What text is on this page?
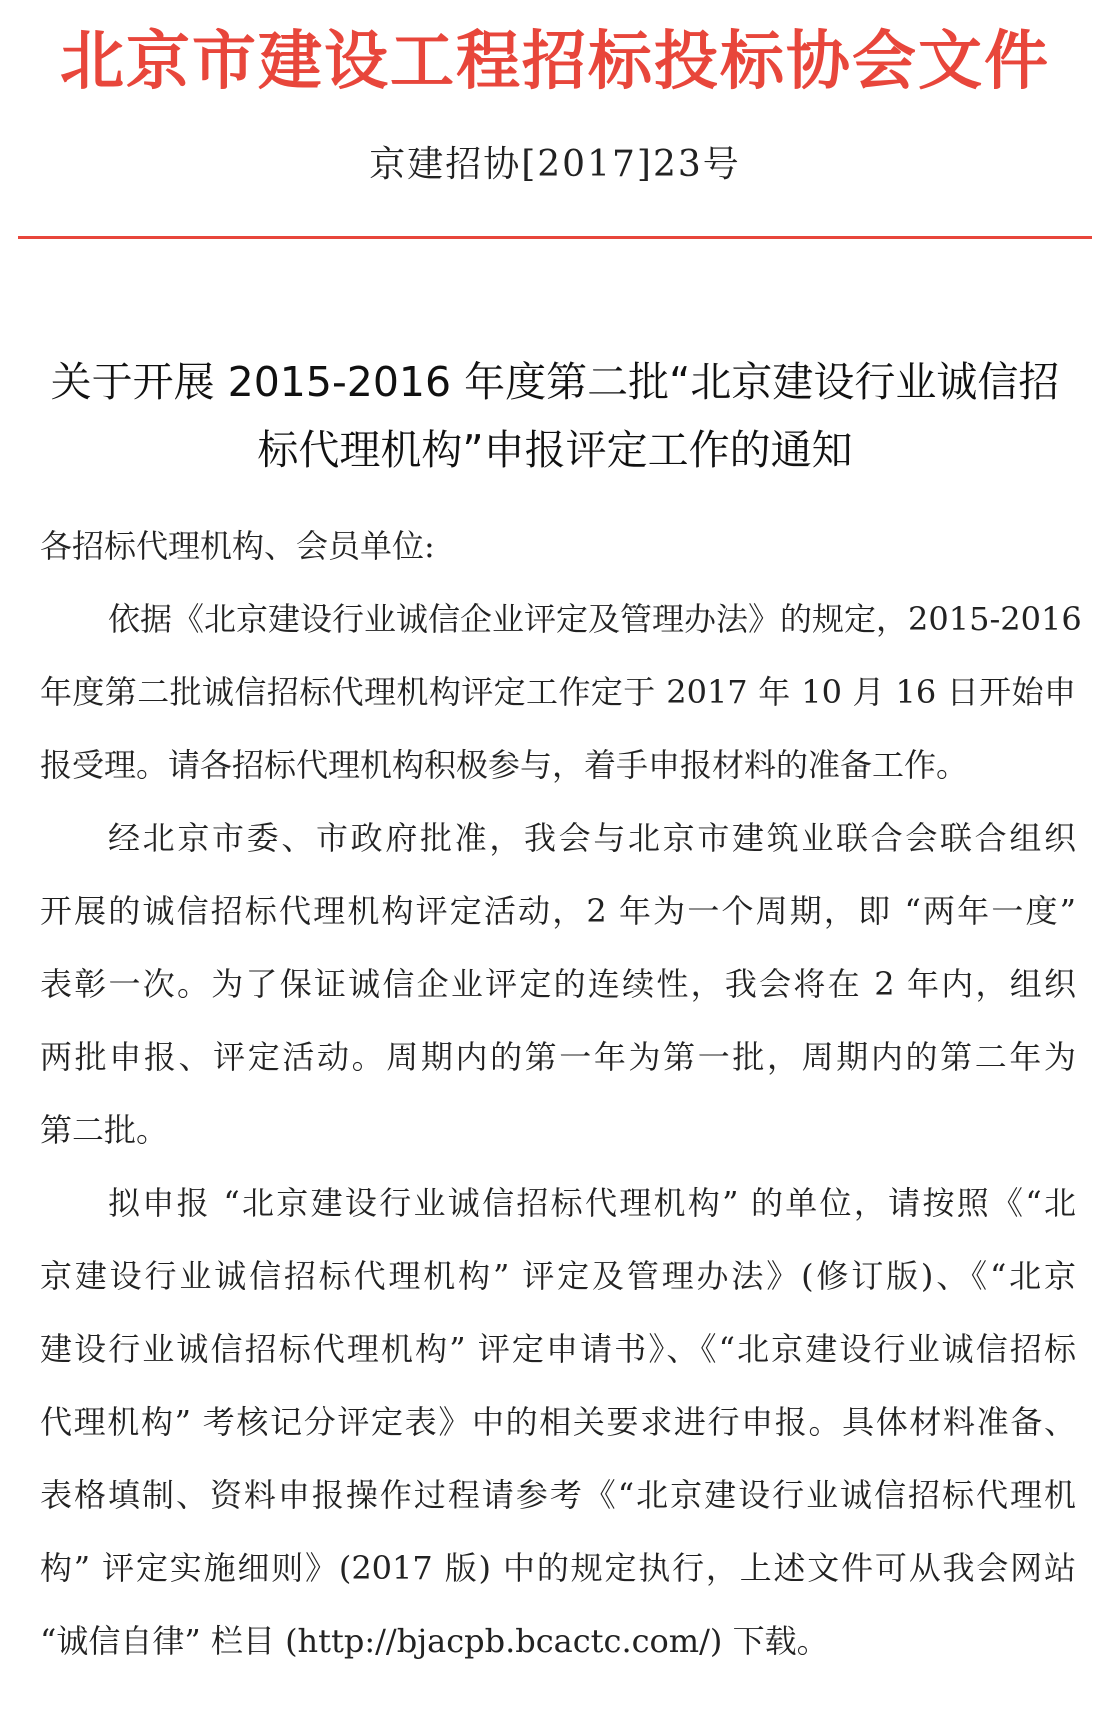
北京市建设工程招标投标协会文件
京建招协[2017]23号
关于开展 2015-2016 年度第二批“北京建设行业诚信招
标代理机构”申报评定工作的通知
各招标代理机构、会员单位:
依据《北京建设行业诚信企业评定及管理办法》的规定，2015-2016
年度第二批诚信招标代理机构评定工作定于 2017 年 10 月 16 日开始申
报受理。请各招标代理机构积极参与，着手申报材料的准备工作。
经北京市委、市政府批准，我会与北京市建筑业联合会联合组织
开展的诚信招标代理机构评定活动，2 年为一个周期，即 “两年一度”
表彰一次。为了保证诚信企业评定的连续性，我会将在 2 年内，组织
两批申报、评定活动。周期内的第一年为第一批，周期内的第二年为
第二批。
拟申报 “北京建设行业诚信招标代理机构” 的单位，请按照《“北
京建设行业诚信招标代理机构” 评定及管理办法》(修订版)、《“北京
建设行业诚信招标代理机构” 评定申请书》、《“北京建设行业诚信招标
代理机构” 考核记分评定表》中的相关要求进行申报。具体材料准备、
表格填制、资料申报操作过程请参考《“北京建设行业诚信招标代理机
构” 评定实施细则》(2017 版) 中的规定执行，上述文件可从我会网站
“诚信自律” 栏目 (http://bjacpb.bcactc.com/) 下载。
